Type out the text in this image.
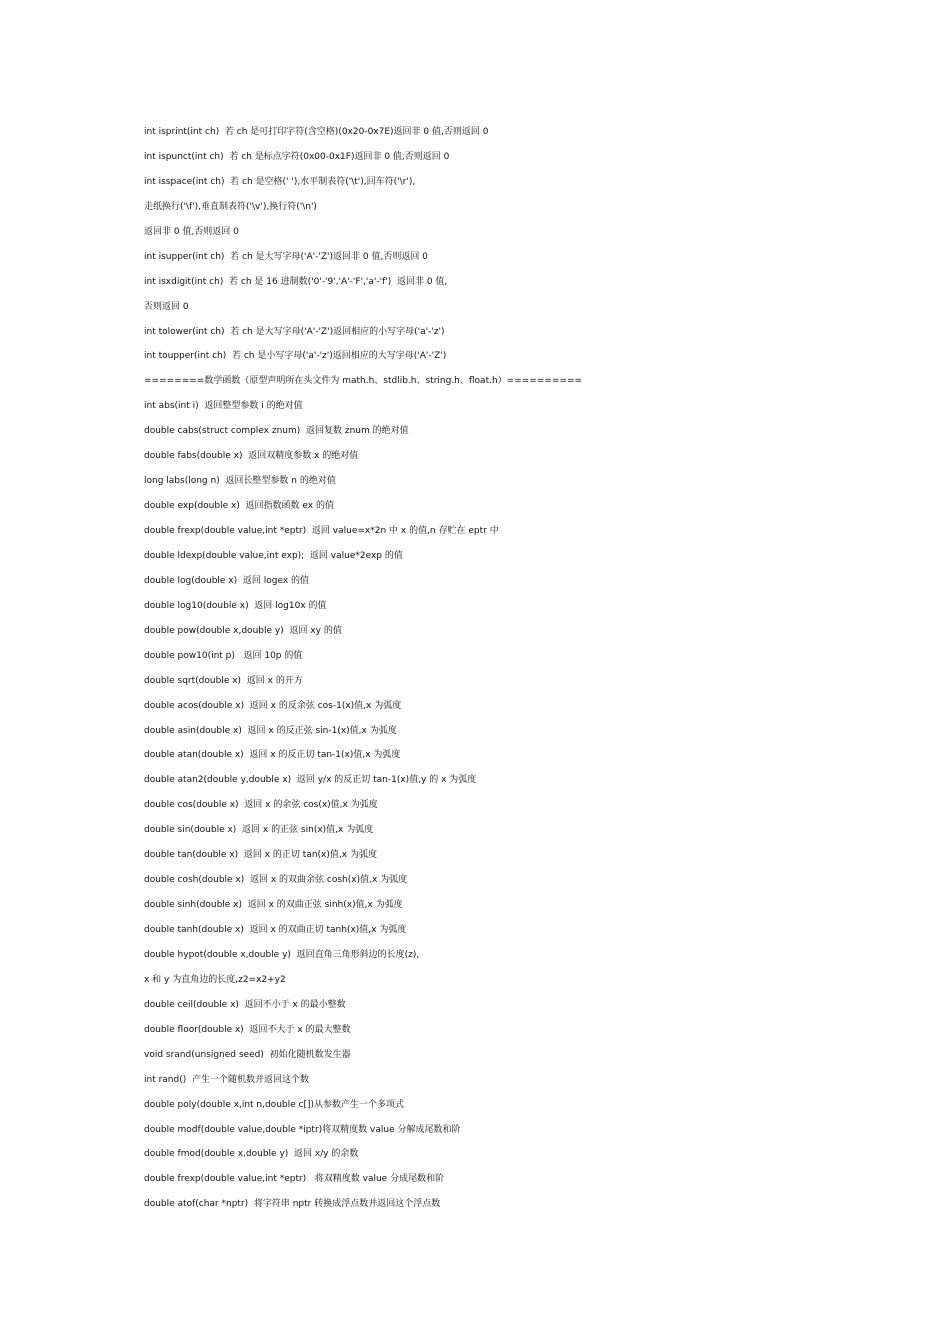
int isprint(int ch)  若 ch 是可打印字符(含空格)(0x20-0x7E)返回非 0 值,否则返回 0
int ispunct(int ch)  若 ch 是标点字符(0x00-0x1F)返回非 0 值,否则返回 0
int isspace(int ch)  若 ch 是空格(' '),水平制表符('\t'),回车符('\r'),
走纸换行('\f'),垂直制表符('\v'),换行符('\n')
返回非 0 值,否则返回 0
int isupper(int ch)  若 ch 是大写字母('A'-'Z')返回非 0 值,否则返回 0
int isxdigit(int ch)  若 ch 是 16 进制数('0'-'9','A'-'F','a'-'f')  返回非 0 值,
否则返回 0
int tolower(int ch)  若 ch 是大写字母('A'-'Z')返回相应的小写字母('a'-'z')
int toupper(int ch)  若 ch 是小写字母('a'-'z')返回相应的大写字母('A'-'Z')
========数学函数（原型声明所在头文件为 math.h、stdlib.h、string.h、float.h）==========
int abs(int i)  返回整型参数 i 的绝对值
double cabs(struct complex znum)  返回复数 znum 的绝对值
double fabs(double x)  返回双精度参数 x 的绝对值
long labs(long n)  返回长整型参数 n 的绝对值
double exp(double x)  返回指数函数 ex 的值
double frexp(double value,int *eptr)  返回 value=x*2n 中 x 的值,n 存贮在 eptr 中
double ldexp(double value,int exp);  返回 value*2exp 的值
double log(double x)  返回 logex 的值
double log10(double x)  返回 log10x 的值
double pow(double x,double y)  返回 xy 的值
double pow10(int p)   返回 10p 的值
double sqrt(double x)  返回 x 的开方
double acos(double x)  返回 x 的反余弦 cos-1(x)值,x 为弧度
double asin(double x)  返回 x 的反正弦 sin-1(x)值,x 为弧度
double atan(double x)  返回 x 的反正切 tan-1(x)值,x 为弧度
double atan2(double y,double x)  返回 y/x 的反正切 tan-1(x)值,y 的 x 为弧度
double cos(double x)  返回 x 的余弦 cos(x)值,x 为弧度
double sin(double x)  返回 x 的正弦 sin(x)值,x 为弧度
double tan(double x)  返回 x 的正切 tan(x)值,x 为弧度
double cosh(double x)  返回 x 的双曲余弦 cosh(x)值,x 为弧度
double sinh(double x)  返回 x 的双曲正弦 sinh(x)值,x 为弧度
double tanh(double x)  返回 x 的双曲正切 tanh(x)值,x 为弧度
double hypot(double x,double y)  返回直角三角形斜边的长度(z),
x 和 y 为直角边的长度,z2=x2+y2
double ceil(double x)  返回不小于 x 的最小整数
double floor(double x)  返回不大于 x 的最大整数
void srand(unsigned seed)  初始化随机数发生器
int rand()  产生一个随机数并返回这个数
double poly(double x,int n,double c[])从参数产生一个多项式
double modf(double value,double *iptr)将双精度数 value 分解成尾数和阶
double fmod(double x,double y)  返回 x/y 的余数
double frexp(double value,int *eptr)   将双精度数 value 分成尾数和阶
double atof(char *nptr)  将字符串 nptr 转换成浮点数并返回这个浮点数
